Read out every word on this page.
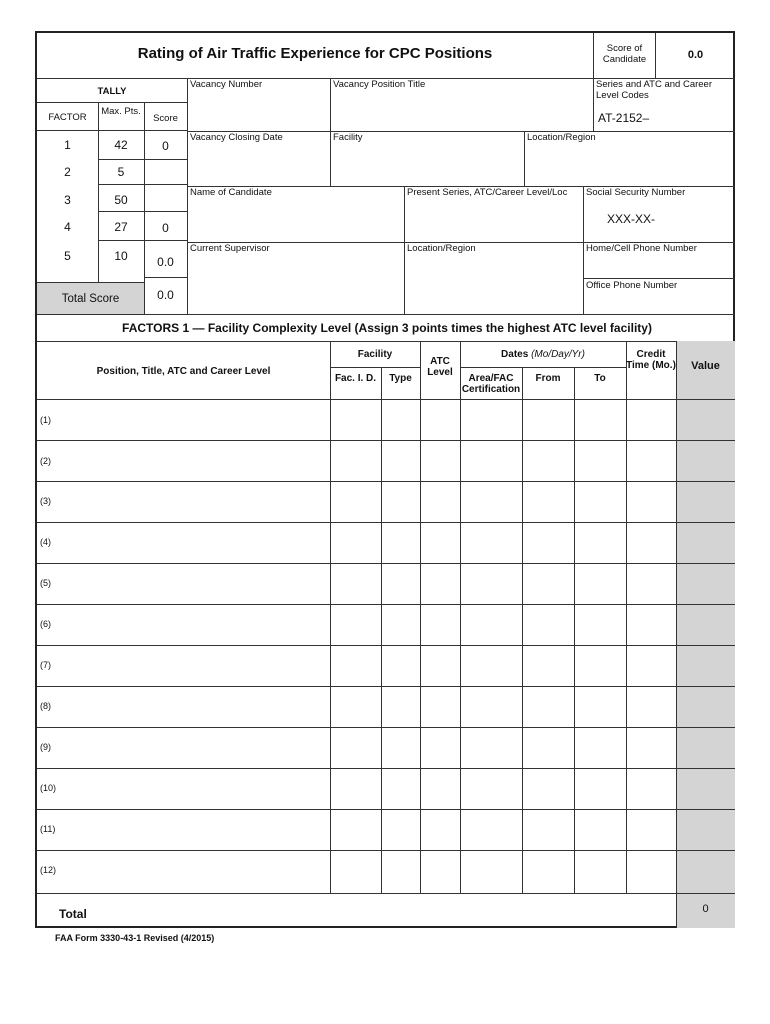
Rating of Air Traffic Experience for CPC Positions	Score of Candidate	0.0
TALLY
FACTOR
Max. Pts.
Score
1	42	0
2	5
3	50
4	27	0
5	10	0.0
Total Score	0.0
Vacancy Number	Vacancy Position Title	Series and ATC and Career Level Codes
AT-2152–
Vacancy Closing Date	Facility	Location/Region
Name of Candidate	Present Series, ATC/Career Level/Loc	Social Security Number
XXX-XX-
Current Supervisor	Location/Region	Home/Cell Phone Number
Office Phone Number
FACTORS 1 — Facility Complexity Level (Assign 3 points times the highest ATC level facility)
Position, Title, ATC and Career Level
Facility
Fac. I. D.	Type
ATC Level
Dates (Mo/Day/Yr)
Area/FAC Certification
From	To
Credit Time (Mo.)	Value
(1)
(2)
(3)
(4)
(5)
(6)
(7)
(8)
(9)
(10)
(11)
(12)
Total	0
FAA Form 3330-43-1 Revised (4/2015)
